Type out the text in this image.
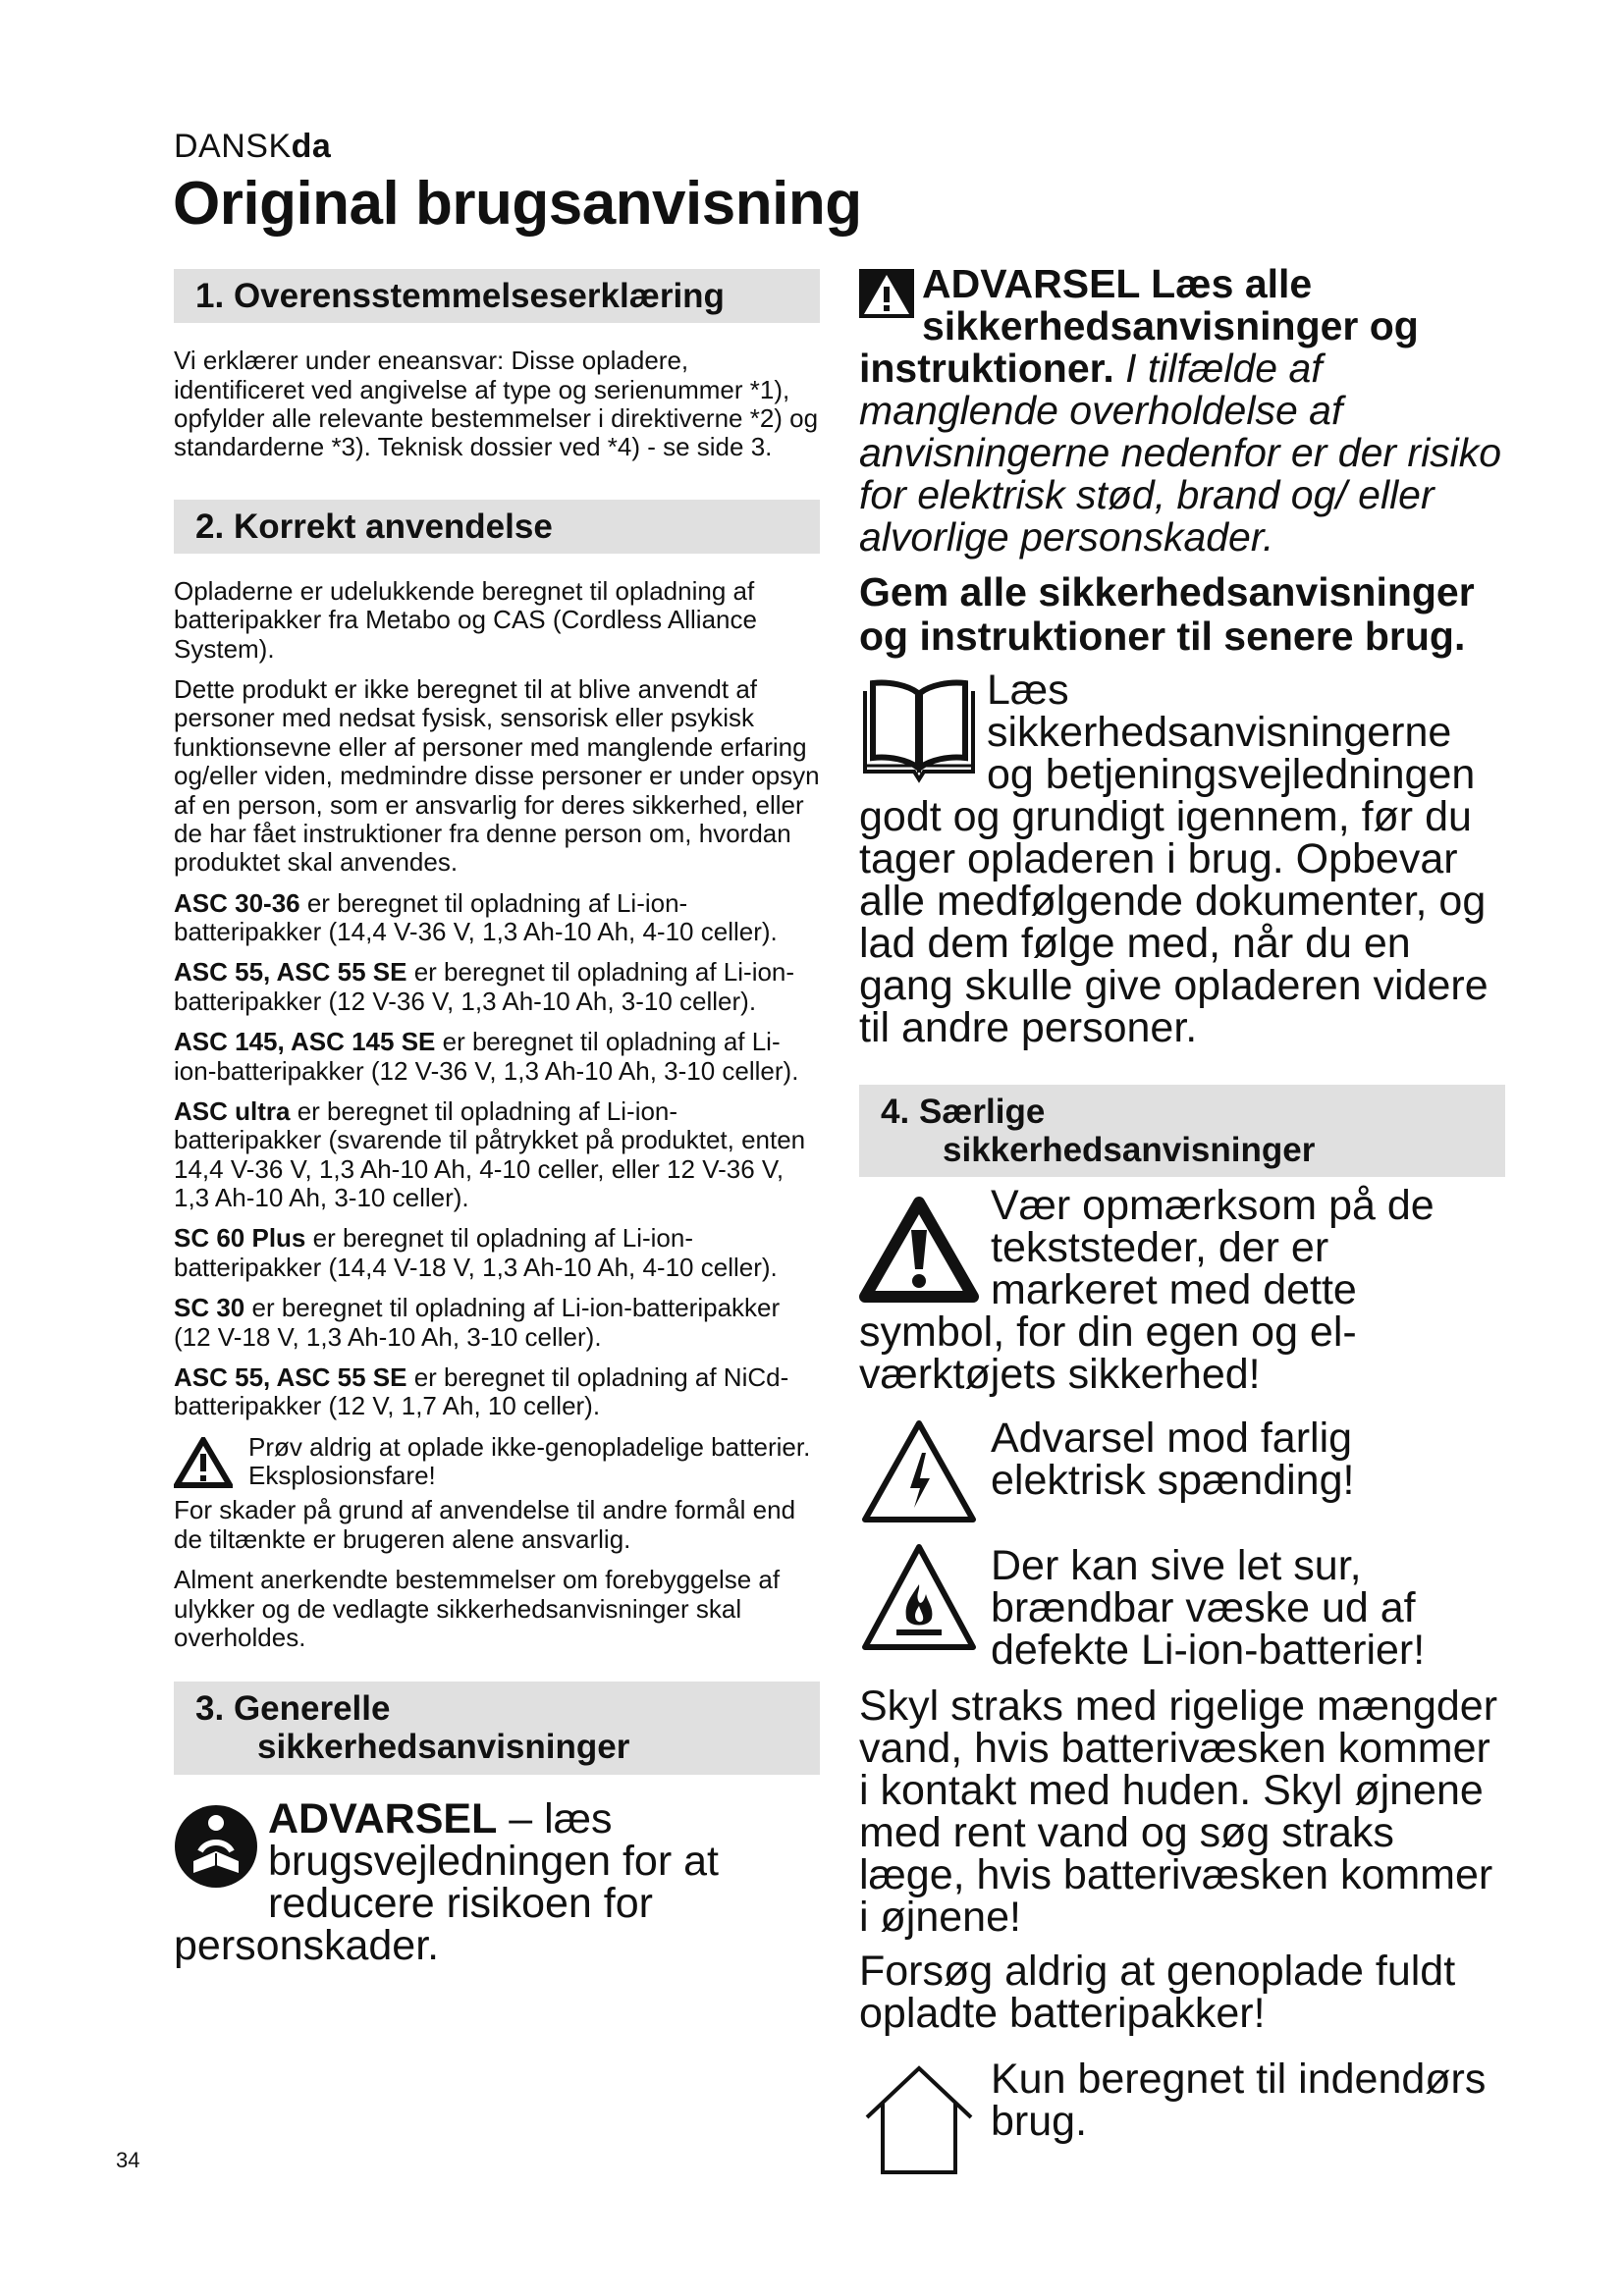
DANSKda
Original brugsanvisning
1. Overensstemmelseserklæring

Vi erklærer under eneansvar: Disse opladere, identificeret ved angivelse af type og serienummer *1), opfylder alle relevante bestemmelser i direktiverne *2) og standarderne *3). Teknisk dossier ved *4) - se side 3.

2. Korrekt anvendelse

Opladerne er udelukkende beregnet til opladning af batteripakker fra Metabo og CAS (Cordless Alliance System).

Dette produkt er ikke beregnet til at blive anvendt af personer med nedsat fysisk, sensorisk eller psykisk funktionsevne eller af personer med manglende erfaring og/eller viden, medmindre disse personer er under opsyn af en person, som er ansvarlig for deres sikkerhed, eller de har fået instruktioner fra denne person om, hvordan produktet skal anvendes.

ASC 30-36 er beregnet til opladning af Li-ion-batteripakker (14,4 V-36 V, 1,3 Ah-10 Ah, 4-10 celler).

ASC 55, ASC 55 SE er beregnet til opladning af Li-ion-batteripakker (12 V-36 V, 1,3 Ah-10 Ah, 3-10 celler).

ASC 145, ASC 145 SE er beregnet til opladning af Li-ion-batteripakker (12 V-36 V, 1,3 Ah-10 Ah, 3-10 celler).

ASC ultra er beregnet til opladning af Li-ion-batteripakker (svarende til påtrykket på produktet, enten 14,4 V-36 V, 1,3 Ah-10 Ah, 4-10 celler, eller 12 V-36 V, 1,3 Ah-10 Ah, 3-10 celler).

SC 60 Plus er beregnet til opladning af Li-ion-batteripakker (14,4 V-18 V, 1,3 Ah-10 Ah, 4-10 celler).

SC 30 er beregnet til opladning af Li-ion-batteripakker (12 V-18 V, 1,3 Ah-10 Ah, 3-10 celler).

ASC 55, ASC 55 SE er beregnet til opladning af NiCd-batteripakker (12 V, 1,7 Ah, 10 celler).

Prøv aldrig at oplade ikke-genopladelige batterier. Eksplosionsfare!

For skader på grund af anvendelse til andre formål end de tiltænkte er brugeren alene ansvarlig.

Alment anerkendte bestemmelser om forebyggelse af ulykker og de vedlagte sikkerhedsanvisninger skal overholdes.

3. Generelle
sikkerhedsanvisninger
ADVARSEL – læs brugsvejledningen for at reducere risikoen for personskader.
ADVARSEL Læs alle sikkerhedsanvisninger og instruktioner. I tilfælde af manglende overholdelse af anvisningerne nedenfor er der risiko for elektrisk stød, brand og/ eller alvorlige personskader.
Gem alle sikkerhedsanvisninger og instruktioner til senere brug.
Læs sikkerhedsanvisningerne og betjeningsvejledningen godt og grundigt igennem, før du tager opladeren i brug. Opbevar alle medfølgende dokumenter, og lad dem følge med, når du en gang skulle give opladeren videre til andre personer.
4. Særlige
sikkerhedsanvisninger
Vær opmærksom på de tekststeder, der er markeret med dette symbol, for din egen og el-værktøjets sikkerhed!
Advarsel mod farlig elektrisk spænding!
Der kan sive let sur, brændbar væske ud af defekte Li-ion-batterier!
Skyl straks med rigelige mængder vand, hvis batterivæsken kommer i kontakt med huden. Skyl øjnene med rent vand og søg straks læge, hvis batterivæsken kommer i øjnene!
Forsøg aldrig at genoplade fuldt opladte batteripakker!
Kun beregnet til indendørs brug.
34
